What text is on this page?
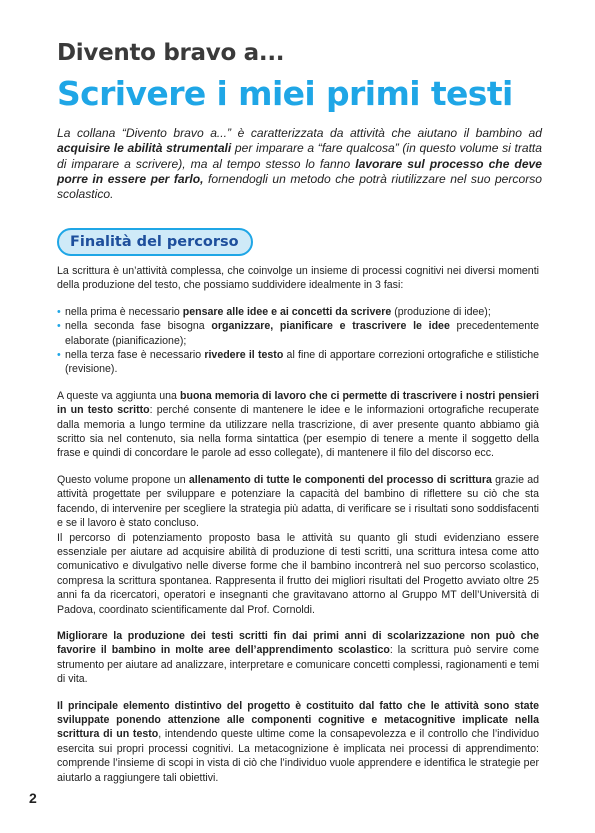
Divento bravo a...
Scrivere i miei primi testi
La collana “Divento bravo a...” è caratterizzata da attività che aiutano il bambino ad acquisire le abilità strumentali per imparare a “fare qualcosa” (in questo volume si tratta di imparare a scrivere), ma al tempo stesso lo fanno lavorare sul processo che deve porre in essere per farlo, fornendogli un metodo che potrà riutilizzare nel suo percorso scolastico.
Finalità del percorso

La scrittura è un’attività complessa, che coinvolge un insieme di processi cognitivi nei diversi momenti della produzione del testo, che possiamo suddividere idealmente in 3 fasi:

• nella prima è necessario pensare alle idee e ai concetti da scrivere (produzione di idee);
• nella seconda fase bisogna organizzare, pianificare e trascrivere le idee precedentemente elaborate (pianificazione);
• nella terza fase è necessario rivedere il testo al fine di apportare correzioni ortografiche e stilistiche (revisione).

A queste va aggiunta una buona memoria di lavoro che ci permette di trascrivere i nostri pensieri in un testo scritto: perché consente di mantenere le idee e le informazioni ortografiche recuperate dalla memoria a lungo termine da utilizzare nella trascrizione, di aver presente quanto abbiamo già scritto sia nel contenuto, sia nella forma sintattica (per esempio di tenere a mente il soggetto della frase e quindi di concordare le parole ad esso collegate), di mantenere il filo del discorso ecc.

Questo volume propone un allenamento di tutte le componenti del processo di scrittura grazie ad attività progettate per sviluppare e potenziare la capacità del bambino di riflettere su ciò che sta facendo, di intervenire per scegliere la strategia più adatta, di verificare se i risultati sono soddisfacenti e se il lavoro è stato concluso.

Il percorso di potenziamento proposto basa le attività su quanto gli studi evidenziano essere essenziale per aiutare ad acquisire abilità di produzione di testi scritti, una scrittura intesa come atto comunicativo e divulgativo nelle diverse forme che il bambino incontrerà nel suo percorso scolastico, compresa la scrittura spontanea. Rappresenta il frutto dei migliori risultati del Progetto avviato oltre 25 anni fa da ricercatori, operatori e insegnanti che gravitavano attorno al Gruppo MT dell’Università di Padova, coordinato scientificamente dal Prof. Cornoldi.

Migliorare la produzione dei testi scritti fin dai primi anni di scolarizzazione non può che favorire il bambino in molte aree dell’apprendimento scolastico: la scrittura può servire come strumento per aiutare ad analizzare, interpretare e comunicare concetti complessi, ragionamenti e temi di vita.

Il principale elemento distintivo del progetto è costituito dal fatto che le attività sono state sviluppate ponendo attenzione alle componenti cognitive e metacognitive implicate nella scrittura di un testo, intendendo queste ultime come la consapevolezza e il controllo che l’individuo esercita sui propri processi cognitivi. La metacognizione è implicata nei processi di apprendimento: comprende l’insieme di scopi in vista di ciò che l’individuo vuole apprendere e identifica le strategie per aiutarlo a raggiungere tali obiettivi.

2
